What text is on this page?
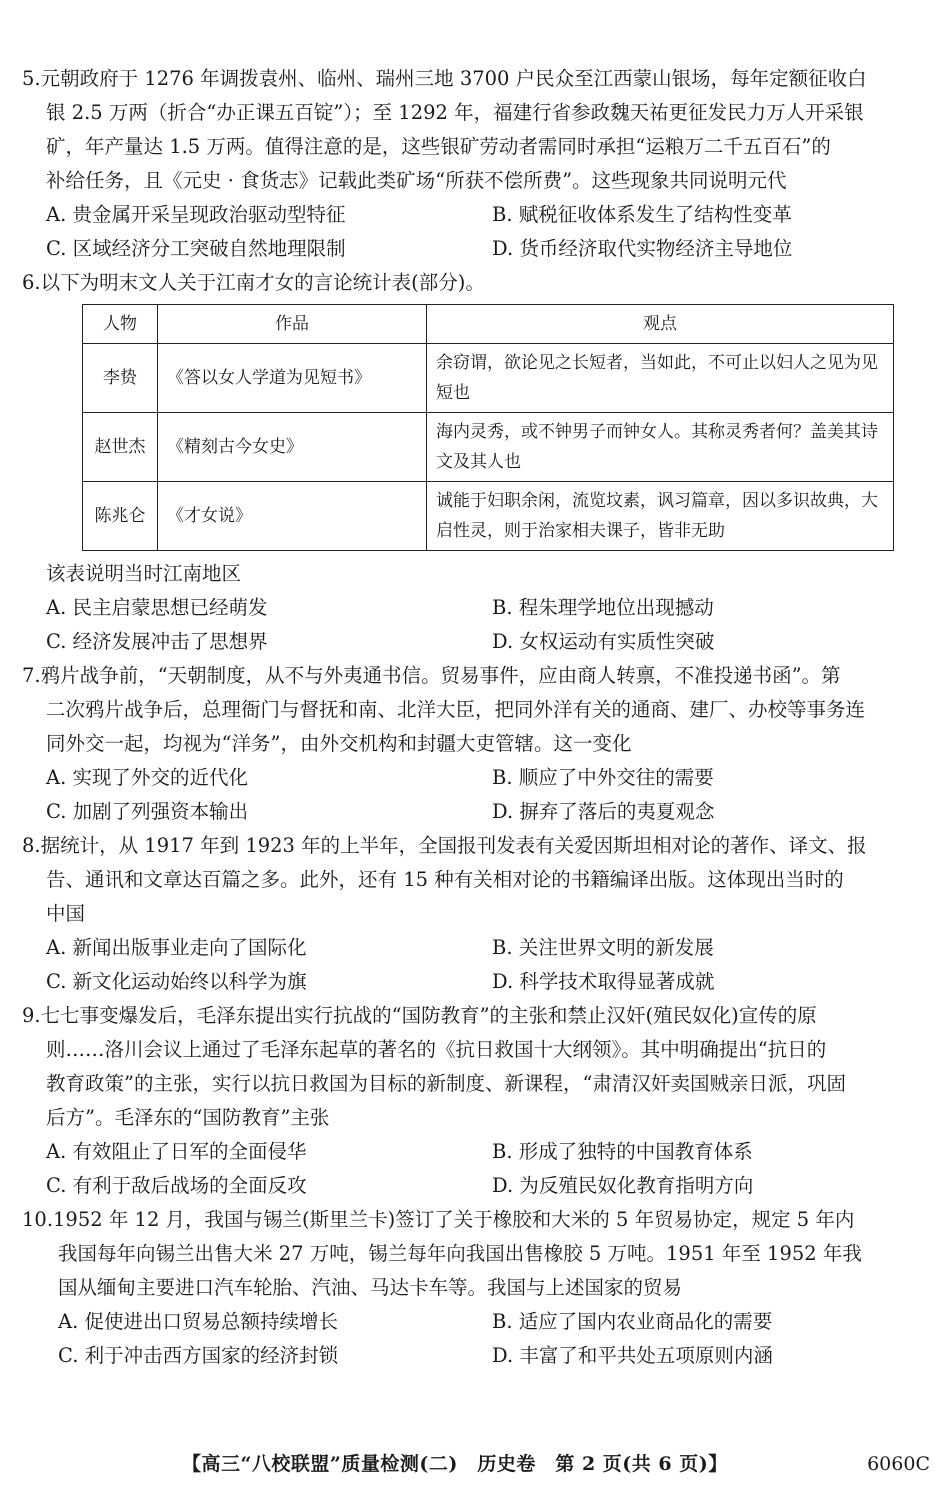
5.元朝政府于 1276 年调拨袁州、临州、瑞州三地 3700 户民众至江西蒙山银场，每年定额征收白
银 2.5 万两（折合“办正课五百锭”）；至 1292 年，福建行省参政魏天祐更征发民力万人开采银
矿，年产量达 1.5 万两。值得注意的是，这些银矿劳动者需同时承担“运粮万二千五百石”的
补给任务，且《元史 · 食货志》记载此类矿场“所获不偿所费”。这些现象共同说明元代
A. 贵金属开采呈现政治驱动型特征	B. 赋税征收体系发生了结构性变革
C. 区域经济分工突破自然地理限制	D. 货币经济取代实物经济主导地位
6.以下为明末文人关于江南才女的言论统计表(部分)。
人物	作品	观点
李贽	《答以女人学道为见短书》	余窃谓，欲论见之长短者，当如此，不可止以妇人之见为见短也
赵世杰	《精刻古今女史》	海内灵秀，或不钟男子而钟女人。其称灵秀者何？盖美其诗文及其人也
陈兆仑	《才女说》	诚能于妇职余闲，流览坟素，讽习篇章，因以多识故典，大启性灵，则于治家相夫课子，皆非无助
该表说明当时江南地区
A. 民主启蒙思想已经萌发	B. 程朱理学地位出现撼动
C. 经济发展冲击了思想界	D. 女权运动有实质性突破
7.鸦片战争前，“天朝制度，从不与外夷通书信。贸易事件，应由商人转禀，不准投递书函”。第
二次鸦片战争后，总理衙门与督抚和南、北洋大臣，把同外洋有关的通商、建厂、办校等事务连
同外交一起，均视为“洋务”，由外交机构和封疆大吏管辖。这一变化
A. 实现了外交的近代化	B. 顺应了中外交往的需要
C. 加剧了列强资本输出	D. 摒弃了落后的夷夏观念
8.据统计，从 1917 年到 1923 年的上半年，全国报刊发表有关爱因斯坦相对论的著作、译文、报
告、通讯和文章达百篇之多。此外，还有 15 种有关相对论的书籍编译出版。这体现出当时的
中国
A. 新闻出版事业走向了国际化	B. 关注世界文明的新发展
C. 新文化运动始终以科学为旗	D. 科学技术取得显著成就
9.七七事变爆发后，毛泽东提出实行抗战的“国防教育”的主张和禁止汉奸(殖民奴化)宣传的原
则……洛川会议上通过了毛泽东起草的著名的《抗日救国十大纲领》。其中明确提出“抗日的
教育政策”的主张，实行以抗日救国为目标的新制度、新课程，“肃清汉奸卖国贼亲日派，巩固
后方”。毛泽东的“国防教育”主张
A. 有效阻止了日军的全面侵华	B. 形成了独特的中国教育体系
C. 有利于敌后战场的全面反攻	D. 为反殖民奴化教育指明方向
10.1952 年 12 月，我国与锡兰(斯里兰卡)签订了关于橡胶和大米的 5 年贸易协定，规定 5 年内
我国每年向锡兰出售大米 27 万吨，锡兰每年向我国出售橡胶 5 万吨。1951 年至 1952 年我
国从缅甸主要进口汽车轮胎、汽油、马达卡车等。我国与上述国家的贸易
A. 促使进出口贸易总额持续增长	B. 适应了国内农业商品化的需要
C. 利于冲击西方国家的经济封锁	D. 丰富了和平共处五项原则内涵
【高三“八校联盟”质量检测(二)　历史卷　第 2 页(共 6 页)】	6060C
